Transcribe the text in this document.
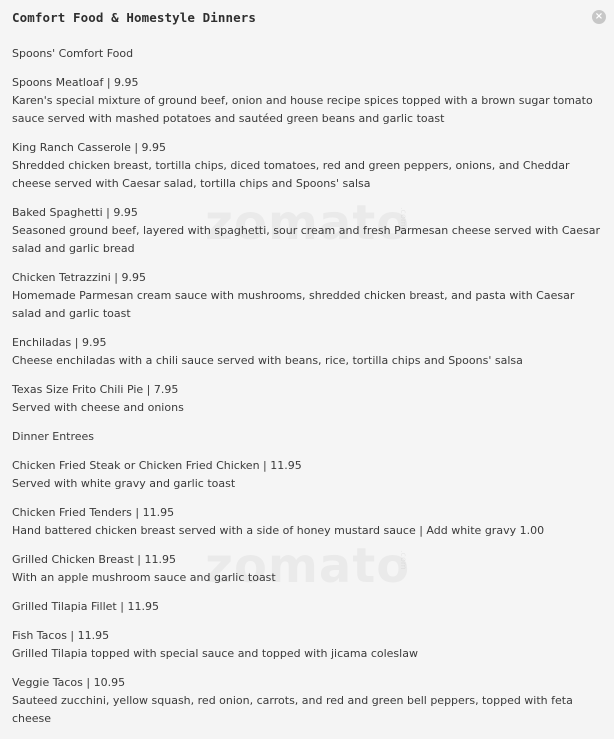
Comfort Food & Homestyle Dinners	×
.com
.com
Spoons' Comfort Food
Spoons Meatloaf | 9.95
Karen's special mixture of ground beef, onion and house recipe spices topped with a brown sugar tomato sauce served with mashed potatoes and sautéed green beans and garlic toast
King Ranch Casserole | 9.95
Shredded chicken breast, tortilla chips, diced tomatoes, red and green peppers, onions, and Cheddar cheese served with Caesar salad, tortilla chips and Spoons' salsa
Baked Spaghetti | 9.95
Seasoned ground beef, layered with spaghetti, sour cream and fresh Parmesan cheese served with Caesar salad and garlic bread
Chicken Tetrazzini | 9.95
Homemade Parmesan cream sauce with mushrooms, shredded chicken breast, and pasta with Caesar salad and garlic toast
Enchiladas | 9.95
Cheese enchiladas with a chili sauce served with beans, rice, tortilla chips and Spoons' salsa
Texas Size Frito Chili Pie | 7.95
Served with cheese and onions
Dinner Entrees
Chicken Fried Steak or Chicken Fried Chicken | 11.95
Served with white gravy and garlic toast
Chicken Fried Tenders | 11.95
Hand battered chicken breast served with a side of honey mustard sauce | Add white gravy 1.00
Grilled Chicken Breast | 11.95
With an apple mushroom sauce and garlic toast
Grilled Tilapia Fillet | 11.95
Fish Tacos | 11.95
Grilled Tilapia topped with special sauce and topped with jicama coleslaw
Veggie Tacos | 10.95
Sauteed zucchini, yellow squash, red onion, carrots, and red and green bell peppers, topped with feta cheese
